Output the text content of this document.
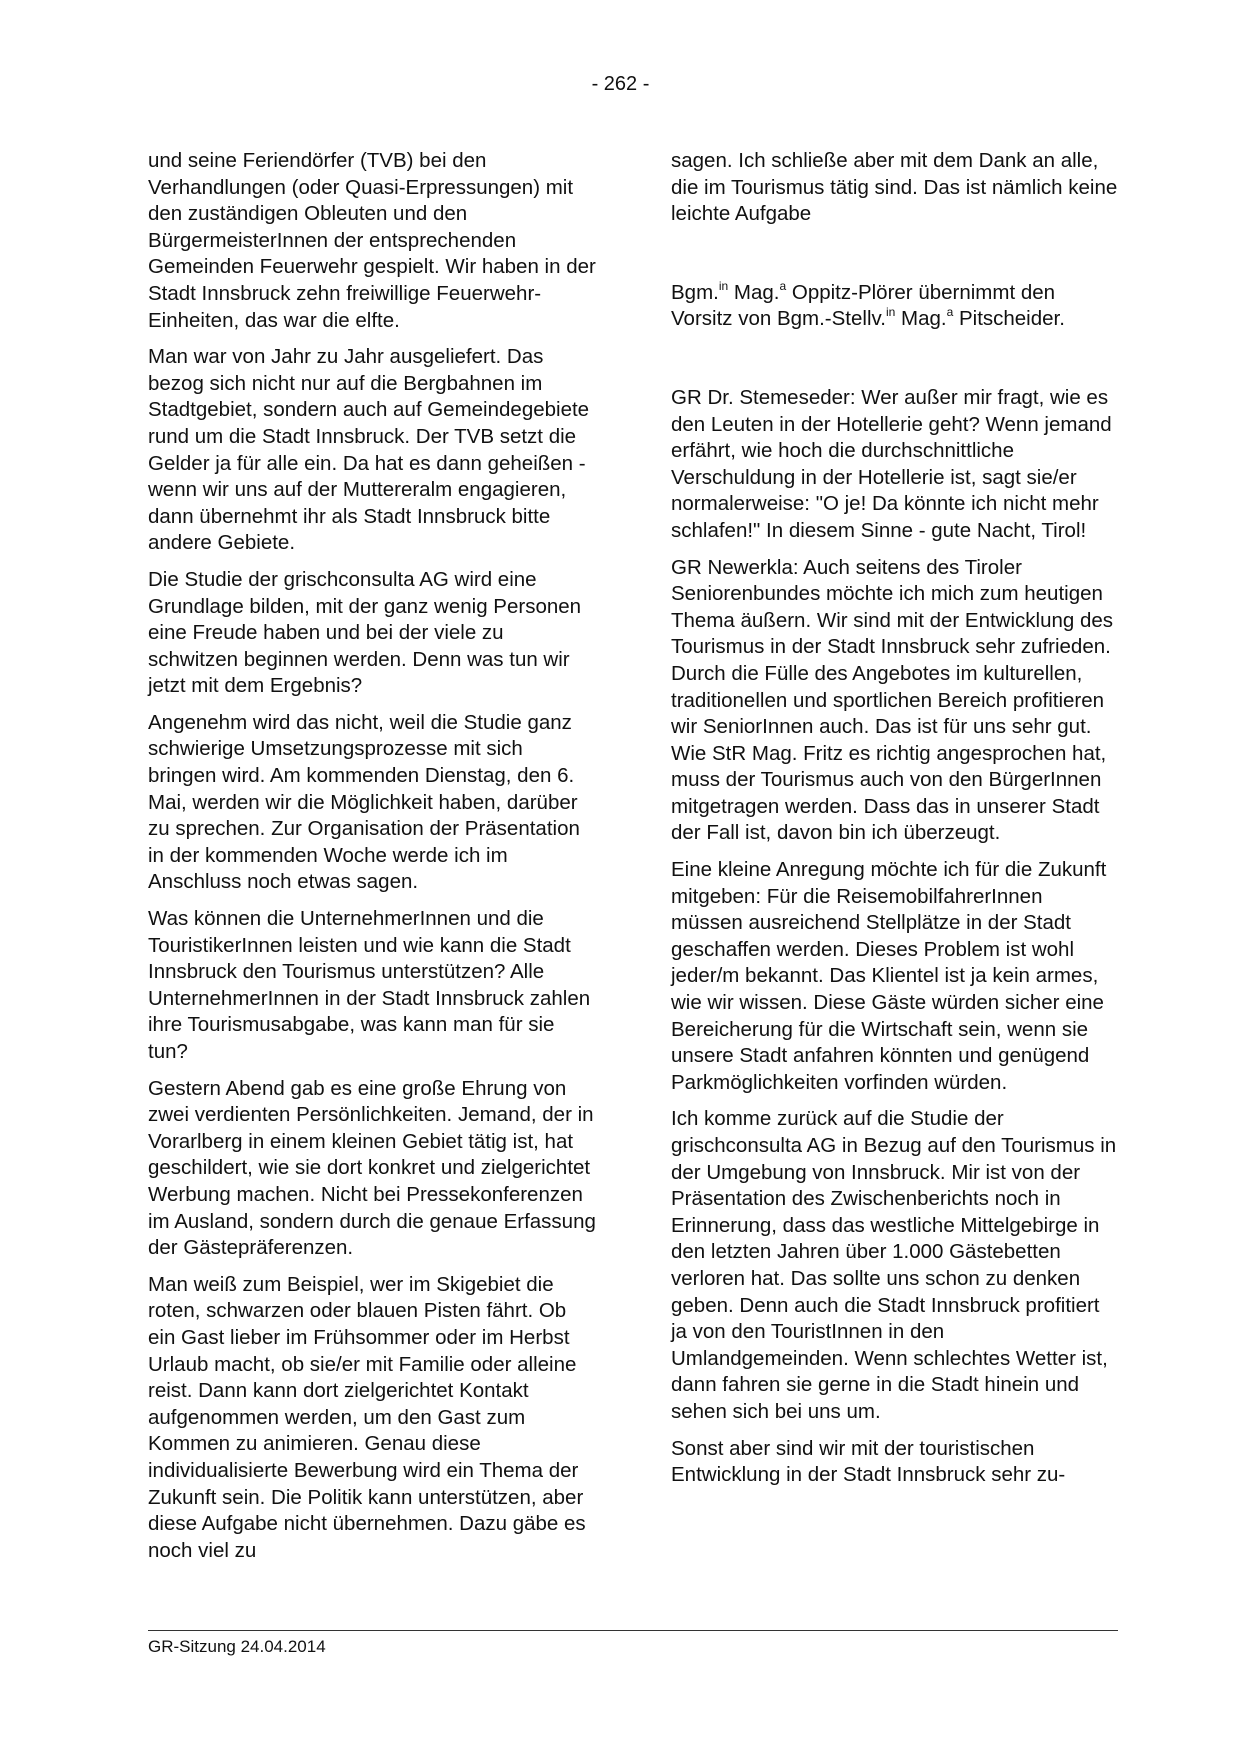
- 262 -

und seine Feriendörfer (TVB) bei den Verhandlungen (oder Quasi-Erpressungen) mit den zuständigen Obleuten und den BürgermeisterInnen der entsprechenden Gemeinden Feuerwehr gespielt. Wir haben in der Stadt Innsbruck zehn freiwillige Feuerwehr-Einheiten, das war die elfte.

Man war von Jahr zu Jahr ausgeliefert. Das bezog sich nicht nur auf die Bergbahnen im Stadtgebiet, sondern auch auf Gemeindegebiete rund um die Stadt Innsbruck. Der TVB setzt die Gelder ja für alle ein. Da hat es dann geheißen - wenn wir uns auf der Muttereralm engagieren, dann übernehmt ihr als Stadt Innsbruck bitte andere Gebiete.

Die Studie der grischconsulta AG wird eine Grundlage bilden, mit der ganz wenig Personen eine Freude haben und bei der viele zu schwitzen beginnen werden. Denn was tun wir jetzt mit dem Ergebnis?

Angenehm wird das nicht, weil die Studie ganz schwierige Umsetzungsprozesse mit sich bringen wird. Am kommenden Dienstag, den 6. Mai, werden wir die Möglichkeit haben, darüber zu sprechen. Zur Organisation der Präsentation in der kommenden Woche werde ich im Anschluss noch etwas sagen.

Was können die UnternehmerInnen und die TouristikerInnen leisten und wie kann die Stadt Innsbruck den Tourismus unterstützen? Alle UnternehmerInnen in der Stadt Innsbruck zahlen ihre Tourismusabgabe, was kann man für sie tun?

Gestern Abend gab es eine große Ehrung von zwei verdienten Persönlichkeiten. Jemand, der in Vorarlberg in einem kleinen Gebiet tätig ist, hat geschildert, wie sie dort konkret und zielgerichtet Werbung machen. Nicht bei Pressekonferenzen im Ausland, sondern durch die genaue Erfassung der Gästepräferenzen.

Man weiß zum Beispiel, wer im Skigebiet die roten, schwarzen oder blauen Pisten fährt. Ob ein Gast lieber im Frühsommer oder im Herbst Urlaub macht, ob sie/er mit Familie oder alleine reist. Dann kann dort zielgerichtet Kontakt aufgenommen werden, um den Gast zum Kommen zu animieren. Genau diese individualisierte Bewerbung wird ein Thema der Zukunft sein. Die Politik kann unterstützen, aber diese Aufgabe nicht übernehmen. Dazu gäbe es noch viel zu

sagen. Ich schließe aber mit dem Dank an alle, die im Tourismus tätig sind. Das ist nämlich keine leichte Aufgabe

Bgm.$^{in}$ Mag.$^a$ Oppitz-Plörer übernimmt den Vorsitz von Bgm.-Stellv.$^{in}$ Mag.$^a$ Pitscheider.

GR Dr. Stemeseder: Wer außer mir fragt, wie es den Leuten in der Hotellerie geht? Wenn jemand erfährt, wie hoch die durchschnittliche Verschuldung in der Hotellerie ist, sagt sie/er normalerweise: "O je! Da könnte ich nicht mehr schlafen!" In diesem Sinne - gute Nacht, Tirol!

GR Newerkla: Auch seitens des Tiroler Seniorenbundes möchte ich mich zum heutigen Thema äußern. Wir sind mit der Entwicklung des Tourismus in der Stadt Innsbruck sehr zufrieden. Durch die Fülle des Angebotes im kulturellen, traditionellen und sportlichen Bereich profitieren wir SeniorInnen auch. Das ist für uns sehr gut. Wie StR Mag. Fritz es richtig angesprochen hat, muss der Tourismus auch von den BürgerInnen mitgetragen werden. Dass das in unserer Stadt der Fall ist, davon bin ich überzeugt.

Eine kleine Anregung möchte ich für die Zukunft mitgeben: Für die ReisemobilfahrerInnen müssen ausreichend Stellplätze in der Stadt geschaffen werden. Dieses Problem ist wohl jeder/m bekannt. Das Klientel ist ja kein armes, wie wir wissen. Diese Gäste würden sicher eine Bereicherung für die Wirtschaft sein, wenn sie unsere Stadt anfahren könnten und genügend Parkmöglichkeiten vorfinden würden.

Ich komme zurück auf die Studie der grischconsulta AG in Bezug auf den Tourismus in der Umgebung von Innsbruck. Mir ist von der Präsentation des Zwischenberichts noch in Erinnerung, dass das westliche Mittelgebirge in den letzten Jahren über 1.000 Gästebetten verloren hat. Das sollte uns schon zu denken geben. Denn auch die Stadt Innsbruck profitiert ja von den TouristInnen in den Umlandgemeinden. Wenn schlechtes Wetter ist, dann fahren sie gerne in die Stadt hinein und sehen sich bei uns um.

Sonst aber sind wir mit der touristischen Entwicklung in der Stadt Innsbruck sehr zu-

GR-Sitzung 24.04.2014
